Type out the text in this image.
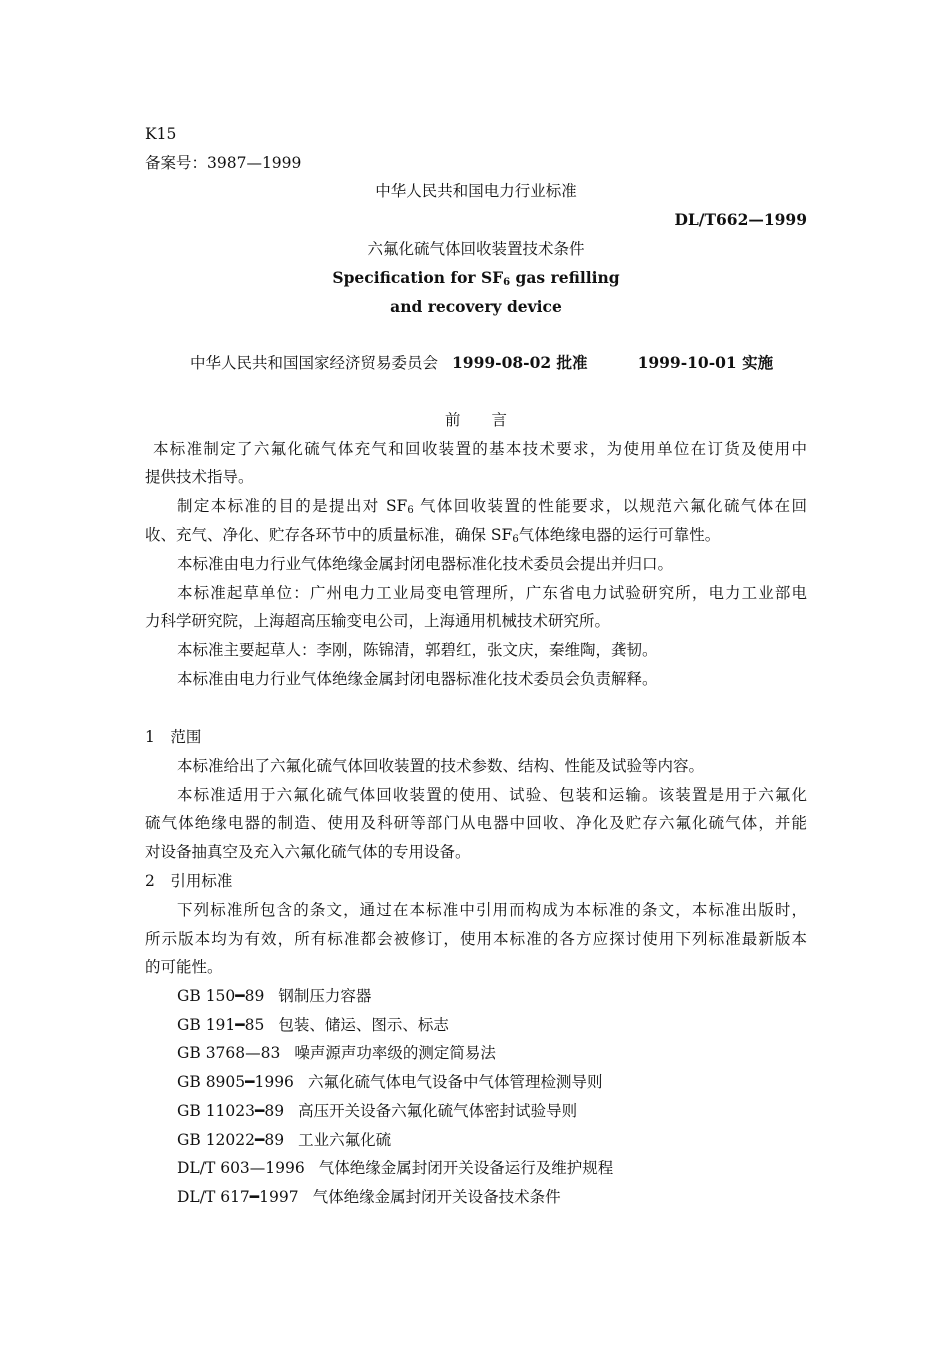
K15
备案号：3987—1999
中华人民共和国电力行业标准
DL/T662—1999
六氟化硫气体回收装置技术条件
Specification for $SF_6$ gas refilling
and recovery device
中华人民共和国国家经济贸易委员会 1999-08-02 批准	1999-10-01 实施
前　　言
本标准制定了六氟化硫气体充气和回收装置的基本技术要求，为使用单位在订货及使用中
提供技术指导。
制定本标准的目的是提出对 $SF_6$ 气体回收装置的性能要求，以规范六氟化硫气体在回
收、充气、净化、贮存各环节中的质量标准，确保 $SF_6$气体绝缘电器的运行可靠性。
本标准由电力行业气体绝缘金属封闭电器标准化技术委员会提出并归口。
本标准起草单位：广州电力工业局变电管理所，广东省电力试验研究所，电力工业部电
力科学研究院，上海超高压输变电公司，上海通用机械技术研究所。
本标准主要起草人：李刚，陈锦清，郭碧红，张文庆，秦维陶，龚韧。
本标准由电力行业气体绝缘金属封闭电器标准化技术委员会负责解释。
1　范围
本标准给出了六氟化硫气体回收装置的技术参数、结构、性能及试验等内容。
本标准适用于六氟化硫气体回收装置的使用、试验、包装和运输。该装置是用于六氟化
硫气体绝缘电器的制造、使用及科研等部门从电器中回收、净化及贮存六氟化硫气体，并能
对设备抽真空及充入六氟化硫气体的专用设备。
2　引用标准
下列标准所包含的条文，通过在本标准中引用而构成为本标准的条文，本标准出版时，
所示版本均为有效，所有标准都会被修订，使用本标准的各方应探讨使用下列标准最新版本
的可能性。
GB 150━89 钢制压力容器
GB 191━85 包装、储运、图示、标志
GB 3768—83 噪声源声功率级的测定简易法
GB 8905━1996 六氟化硫气体电气设备中气体管理检测导则
GB 11023━89 高压开关设备六氟化硫气体密封试验导则
GB 12022━89 工业六氟化硫
DL/T 603—1996 气体绝缘金属封闭开关设备运行及维护规程
DL/T 617━1997 气体绝缘金属封闭开关设备技术条件
